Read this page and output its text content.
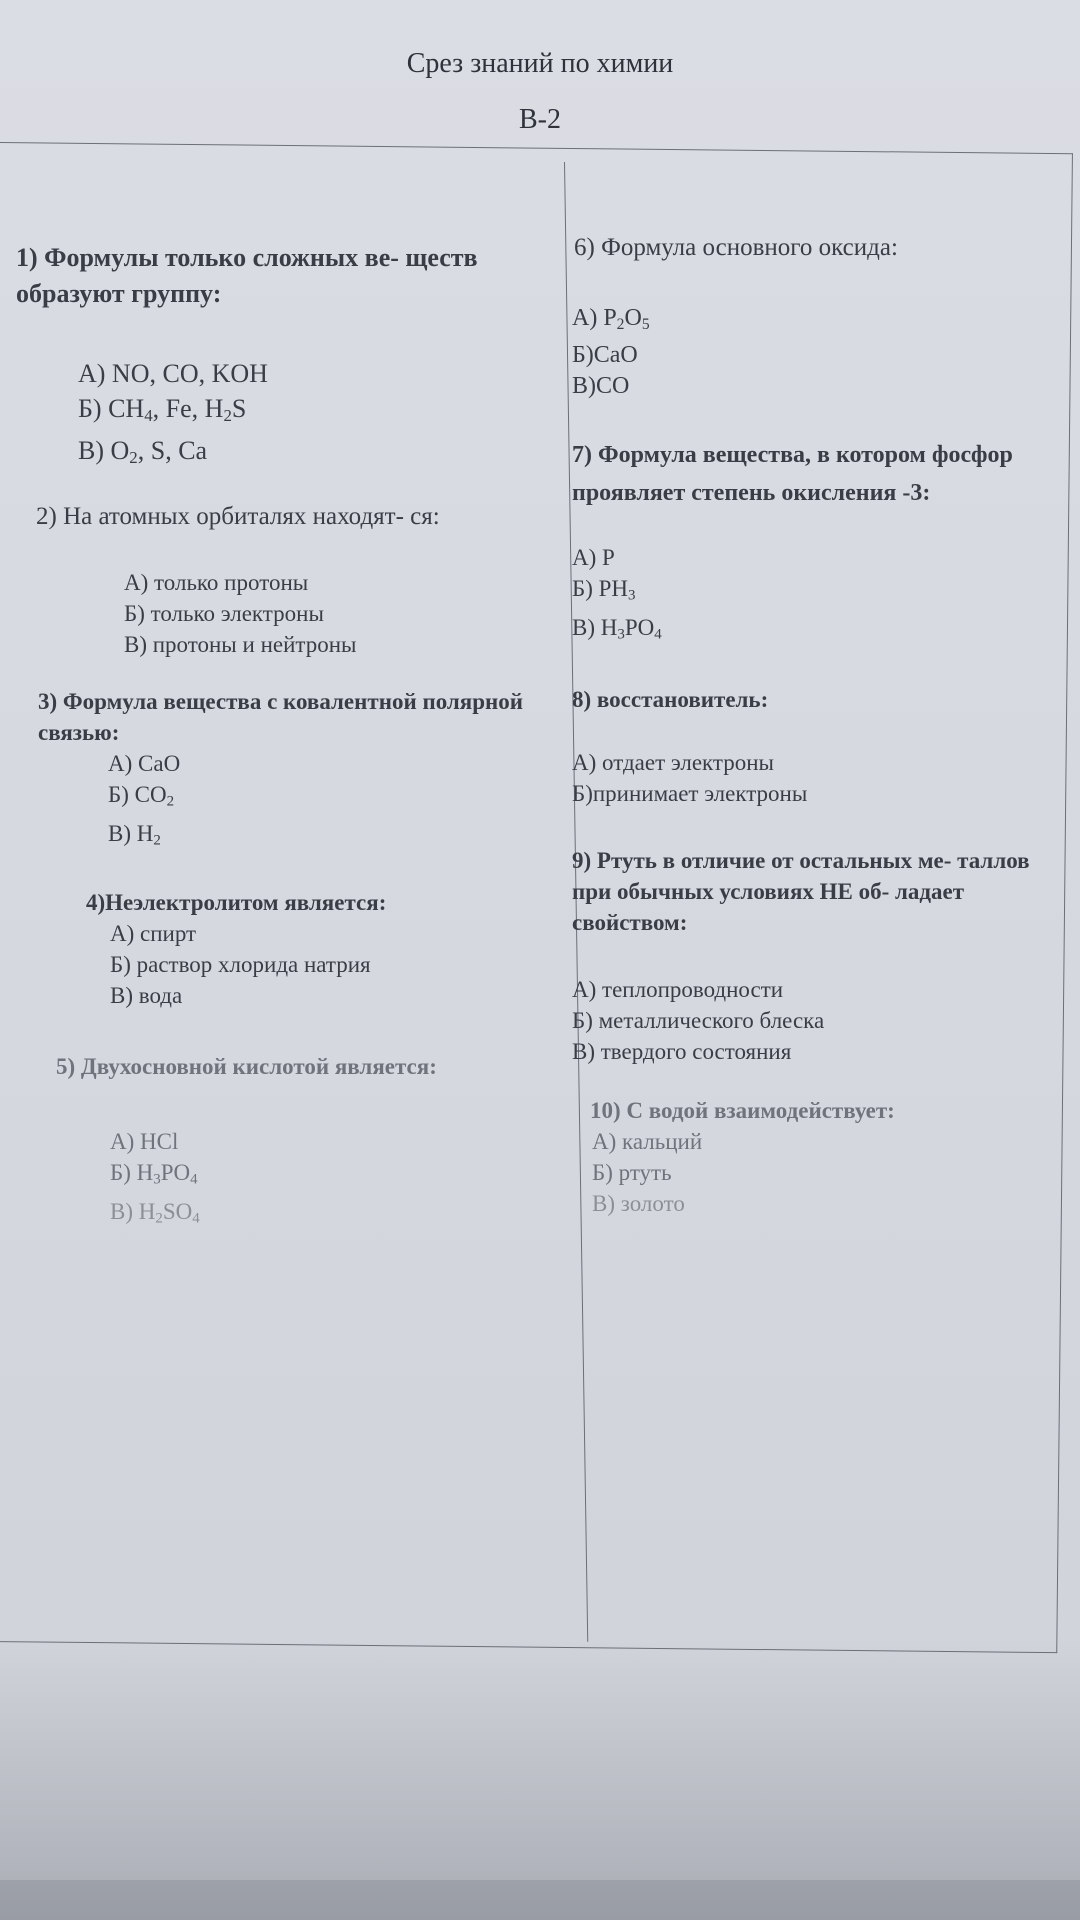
Срез знаний по химии
В-2

1) Формулы только сложных ве- ществ образуют группу:

А) NO, CO, KOH
Б) $CH_4$, Fe, $H_2S$
В) $O_2$, S, Ca

2) На атомных орбиталях находят- ся:

А) только протоны
Б) только электроны
В) протоны и нейтроны

3) Формула вещества с ковалентной полярной связью:

А) CaO
Б) $CO_2$
В) $H_2$

4)Неэлектролитом является:

А) спирт
Б) раствор хлорида натрия
В) вода

5) Двухосновной кислотой является:

А) HCl
Б) $H_3PO_4$
В) $H_2SO_4$

6) Формула основного оксида:

А) $P_2O_5$
Б)CaO
В)CO

7) Формула вещества, в котором фосфор проявляет степень окисления -3:

А) P
Б) $PH_3$
В) $H_3PO_4$

8) восстановитель:

А) отдает электроны
Б)принимает электроны

9) Ртуть в отличие от остальных ме- таллов при обычных условиях НЕ об- ладает свойством:

А) теплопроводности
Б) металлического блеска
В) твердого состояния

10) С водой взаимодействует:

А) кальций
Б) ртуть
В) золото
